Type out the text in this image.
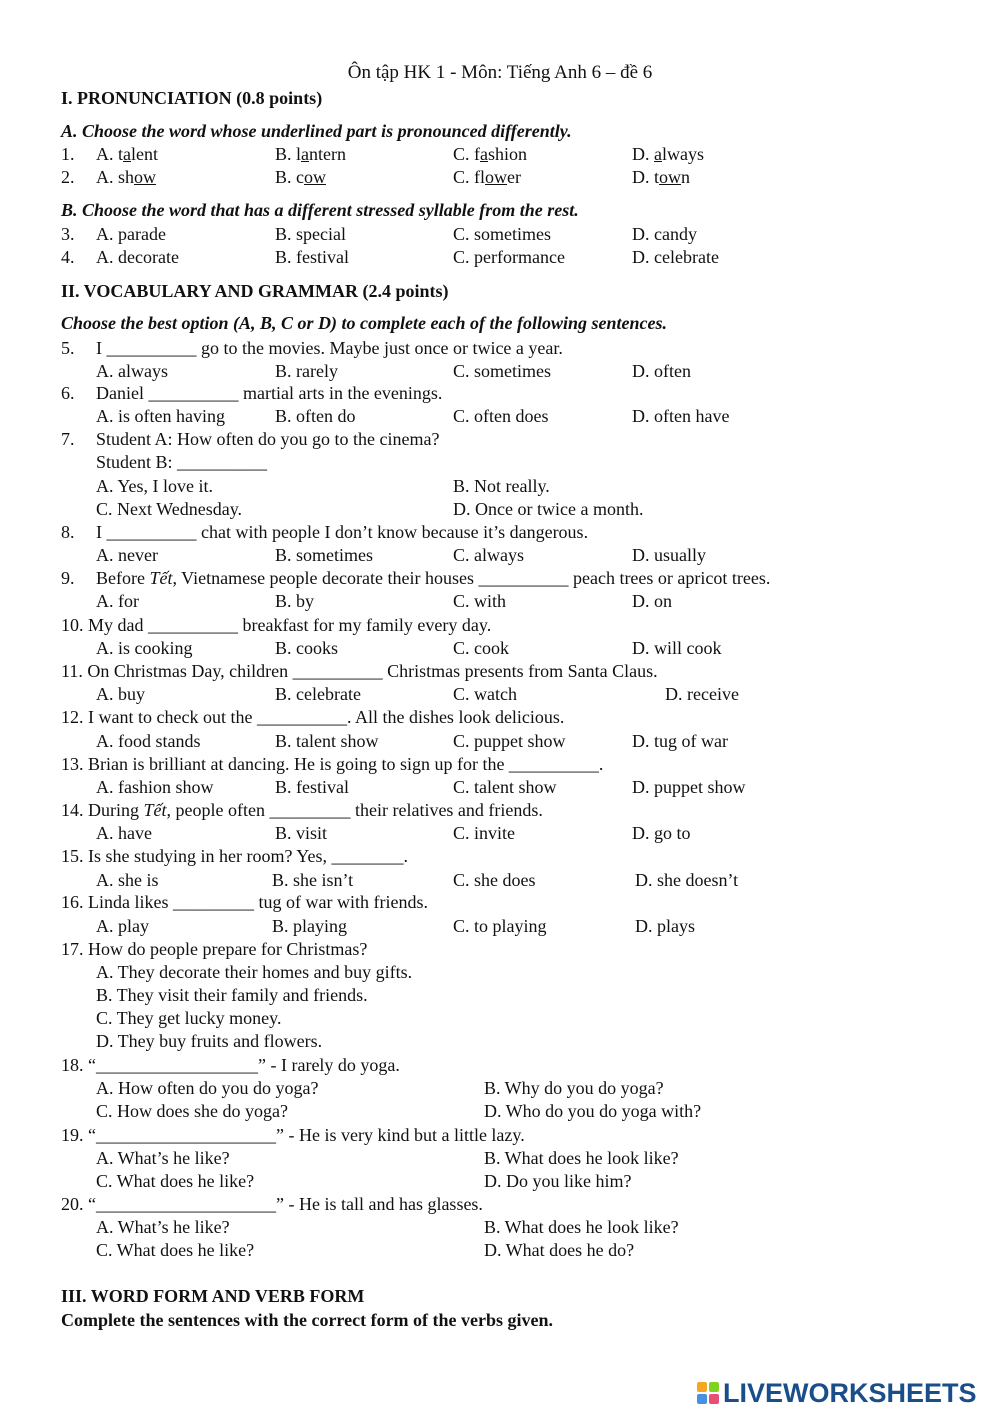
Ôn tập HK 1 - Môn: Tiếng Anh 6 – đề 6
I. PRONUNCIATION (0.8 points)
A. Choose the word whose underlined part is pronounced differently.
1. A. talent	B. lantern	C. fashion	D. always
2. A. show	B. cow	C. flower	D. town
B. Choose the word that has a different stressed syllable from the rest.
3. A. parade	B. special	C. sometimes	D. candy
4. A. decorate	B. festival	C. performance	D. celebrate
II. VOCABULARY AND GRAMMAR (2.4 points)
Choose the best option (A, B, C or D) to complete each of the following sentences.
5. I __________ go to the movies. Maybe just once or twice a year.
A. always	B. rarely	C. sometimes	D. often
6. Daniel __________ martial arts in the evenings.
A. is often having	B. often do	C. often does	D. often have
7. Student A: How often do you go to the cinema?
Student B: __________
A. Yes, I love it.	B. Not really.
C. Next Wednesday.	D. Once or twice a month.
8. I __________ chat with people I don’t know because it’s dangerous.
A. never	B. sometimes	C. always	D. usually
9. Before Tết, Vietnamese people decorate their houses __________ peach trees or apricot trees.
A. for	B. by	C. with	D. on
10. My dad __________ breakfast for my family every day.
A. is cooking	B. cooks	C. cook	D. will cook
11. On Christmas Day, children __________ Christmas presents from Santa Claus.
A. buy	B. celebrate	C. watch	D. receive
12. I want to check out the __________. All the dishes look delicious.
A. food stands	B. talent show	C. puppet show	D. tug of war
13. Brian is brilliant at dancing. He is going to sign up for the __________.
A. fashion show	B. festival	C. talent show	D. puppet show
14. During Tết, people often _________ their relatives and friends.
A. have	B. visit	C. invite	D. go to
15. Is she studying in her room? Yes, ________.
A. she is	B. she isn’t	C. she does	D. she doesn’t
16. Linda likes _________ tug of war with friends.
A. play	B. playing	C. to playing	D. plays
17. How do people prepare for Christmas?
A. They decorate their homes and buy gifts.
B. They visit their family and friends.
C. They get lucky money.
D. They buy fruits and flowers.
18. “__________________” - I rarely do yoga.
A. How often do you do yoga?	B. Why do you do yoga?
C. How does she do yoga?	D. Who do you do yoga with?
19. “____________________” - He is very kind but a little lazy.
A. What’s he like?	B. What does he look like?
C. What does he like?	D. Do you like him?
20. “____________________” - He is tall and has glasses.
A. What’s he like?	B. What does he look like?
C. What does he like?	D. What does he do?
III. WORD FORM AND VERB FORM
Complete the sentences with the correct form of the verbs given.
LIVEWORKSHEETS
